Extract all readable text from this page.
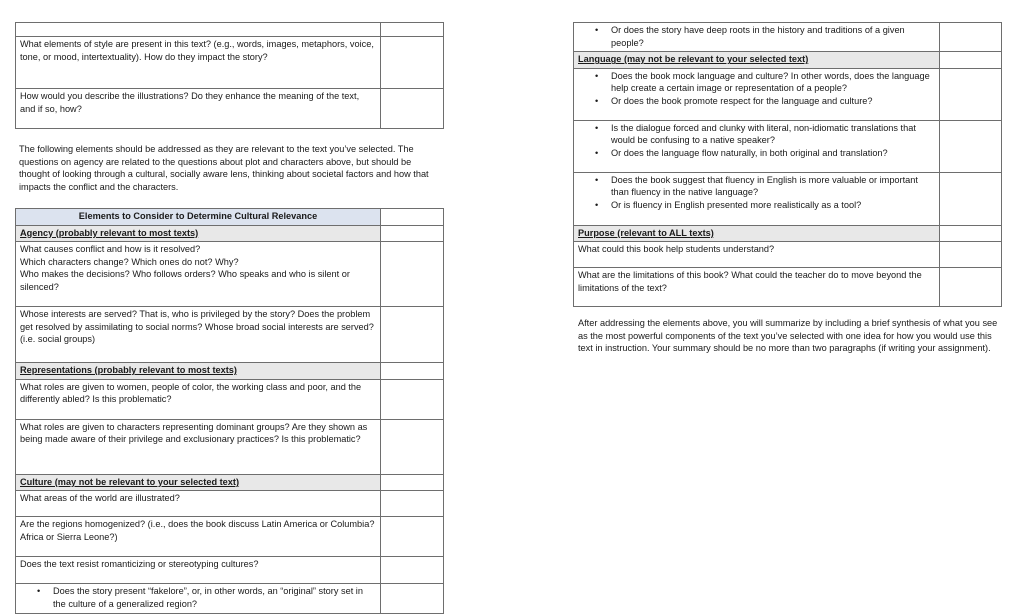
What elements of style are present in this text? (e.g., words, images, metaphors, voice, tone, or mood, intertextuality). How do they impact the story?	
How would you describe the illustrations? Do they enhance the meaning of the text, and if so, how?	

The following elements should be addressed as they are relevant to the text you’ve selected. The questions on agency are related to the questions about plot and characters above, but should be thought of looking through a cultural, socially aware lens, thinking about societal factors and how that impacts the conflict and the characters.

Elements to Consider to Determine Cultural Relevance	
Agency (probably relevant to most texts)	

What causes conflict and how is it resolved?

Which characters change? Which ones do not? Why?

Who makes the decisions? Who follows orders? Who speaks and who is silent or silenced?	

Whose interests are served? That is, who is privileged by the story? Does the problem get resolved by assimilating to social norms? Whose broad social interests are served? (i.e. social groups)	
Representations (probably relevant to most texts)	
What roles are given to women, people of color, the working class and poor, and the differently abled? Is this problematic?	
What roles are given to characters representing dominant groups? Are they shown as being made aware of their privilege and exclusionary practices? Is this problematic?	
Culture (may not be relevant to your selected text)	
What areas of the world are illustrated?	
Are the regions homogenized? (i.e., does the book discuss Latin America or Columbia? Africa or Sierra Leone?)	
Does the text resist romanticizing or stereotyping cultures?	

• Does the story present “fakelore”, or, in other words, an “original” story set in the culture of a generalized region?

• Or does the story have deep roots in the history and traditions of a given people?

Language (may not be relevant to your selected text)	

• Does the book mock language and culture? In other words, does the language help create a certain image or representation of a people?
• Or does the book promote respect for the language and culture?

• Is the dialogue forced and clunky with literal, non-idiomatic translations that would be confusing to a native speaker?
• Or does the language flow naturally, in both original and translation?

• Does the book suggest that fluency in English is more valuable or important than fluency in the native language?
• Or is fluency in English presented more realistically as a tool?

Purpose (relevant to ALL texts)	
What could this book help students understand?	
What are the limitations of this book? What could the teacher do to move beyond the limitations of the text?	

After addressing the elements above, you will summarize by including a brief synthesis of what you see as the most powerful components of the text you’ve selected with one idea for how you would use this text in instruction. Your summary should be no more than two paragraphs (if writing your assignment).
